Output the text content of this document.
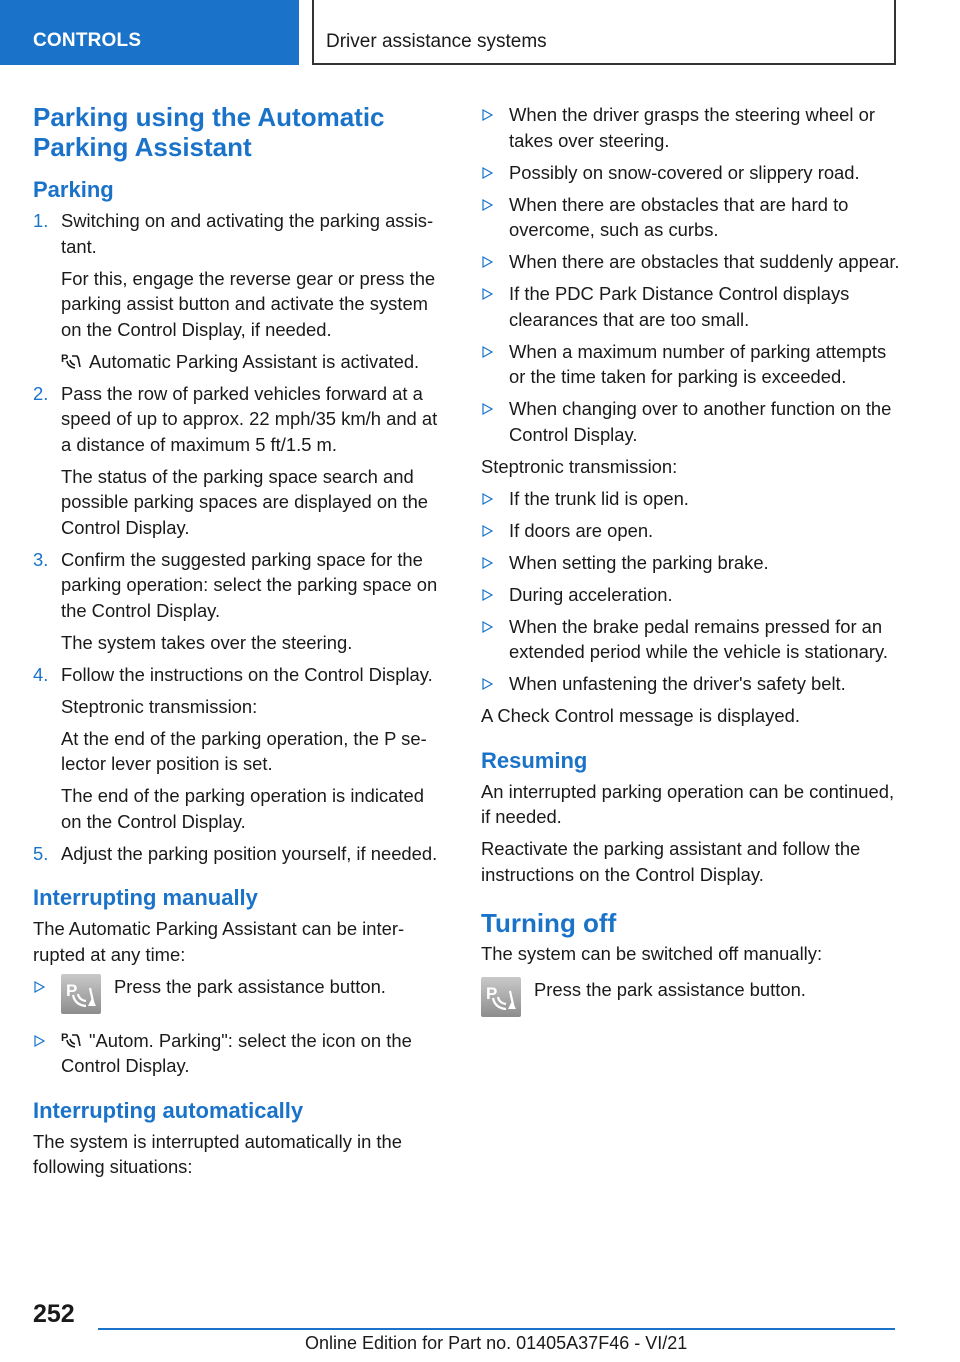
CONTROLS	Driver assistance systems
Parking using the Automatic Parking Assistant
Parking
1. Switching on and activating the parking assistant.

For this, engage the reverse gear or press the parking assist button and activate the system on the Control Display, if needed.

P Automatic Parking Assistant is activated.

2. Pass the row of parked vehicles forward at a speed of up to approx. 22 mph/35 km/h and at a distance of maximum 5 ft/1.5 m.

The status of the parking space search and possible parking spaces are displayed on the Control Display.

3. Confirm the suggested parking space for the parking operation: select the parking space on the Control Display.

The system takes over the steering.

4. Follow the instructions on the Control Display.

Steptronic transmission:

At the end of the parking operation, the P selector lever position is set.

The end of the parking operation is indicated on the Control Display.

5. Adjust the parking position yourself, if needed.

Interrupting manually

The Automatic Parking Assistant can be interrupted at any time:

P Press the park assistance button.
P "Autom. Parking": select the icon on the Control Display.
Interrupting automatically

The system is interrupted automatically in the following situations:

When the driver grasps the steering wheel or takes over steering.
Possibly on snow-covered or slippery road.
When there are obstacles that are hard to overcome, such as curbs.
When there are obstacles that suddenly appear.
If the PDC Park Distance Control displays clearances that are too small.
When a maximum number of parking attempts or the time taken for parking is exceeded.
When changing over to another function on the Control Display.

Steptronic transmission:

If the trunk lid is open.
If doors are open.
When setting the parking brake.
During acceleration.
When the brake pedal remains pressed for an extended period while the vehicle is stationary.
When unfastening the driver's safety belt.

A Check Control message is displayed.

Resuming

An interrupted parking operation can be continued, if needed.

Reactivate the parking assistant and follow the instructions on the Control Display.

Turning off

The system can be switched off manually:

P Press the park assistance button.
252
Online Edition for Part no. 01405A37F46 - VI/21
